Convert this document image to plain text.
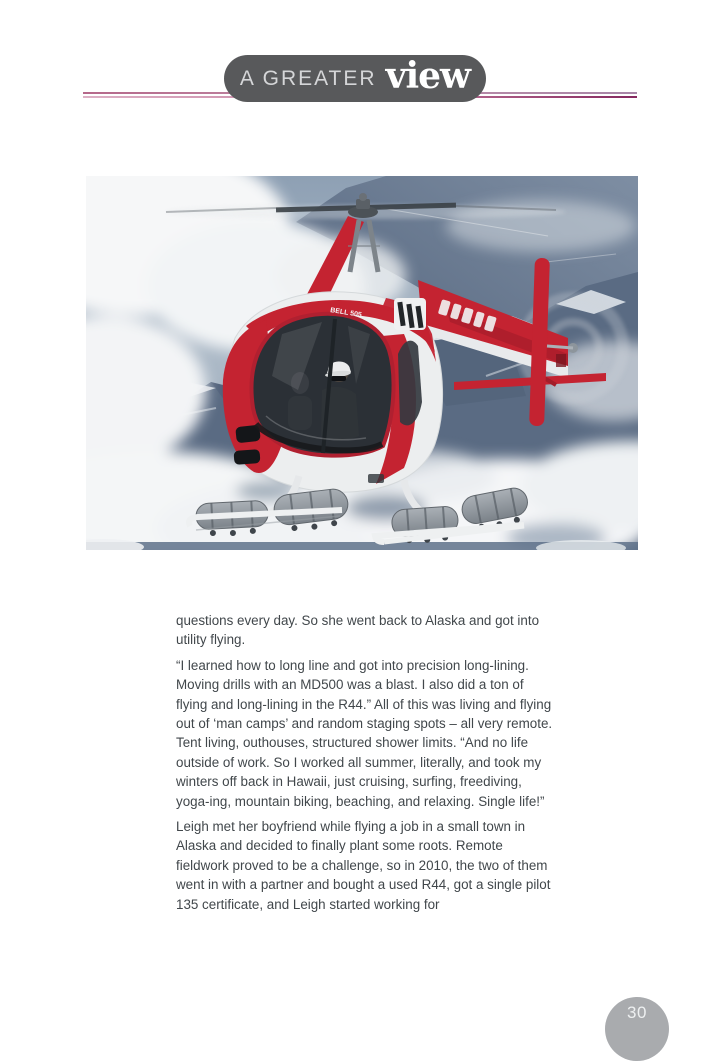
A GREATER view
BELL 505

questions every day. So she went back to Alaska and got into utility flying.

“I learned how to long line and got into precision long-lining. Moving drills with an MD500 was a blast. I also did a ton of flying and long-lining in the R44.” All of this was living and flying out of ‘man camps’ and random staging spots – all very remote. Tent living, outhouses, structured shower limits. “And no life outside of work. So I worked all summer, literally, and took my winters off back in Hawaii, just cruising, surfing, freediving, yoga-ing, mountain biking, beaching, and relaxing. Single life!”

Leigh met her boyfriend while flying a job in a small town in Alaska and decided to finally plant some roots. Remote fieldwork proved to be a challenge, so in 2010, the two of them went in with a partner and bought a used R44, got a single pilot 135 certificate, and Leigh started working for

30
